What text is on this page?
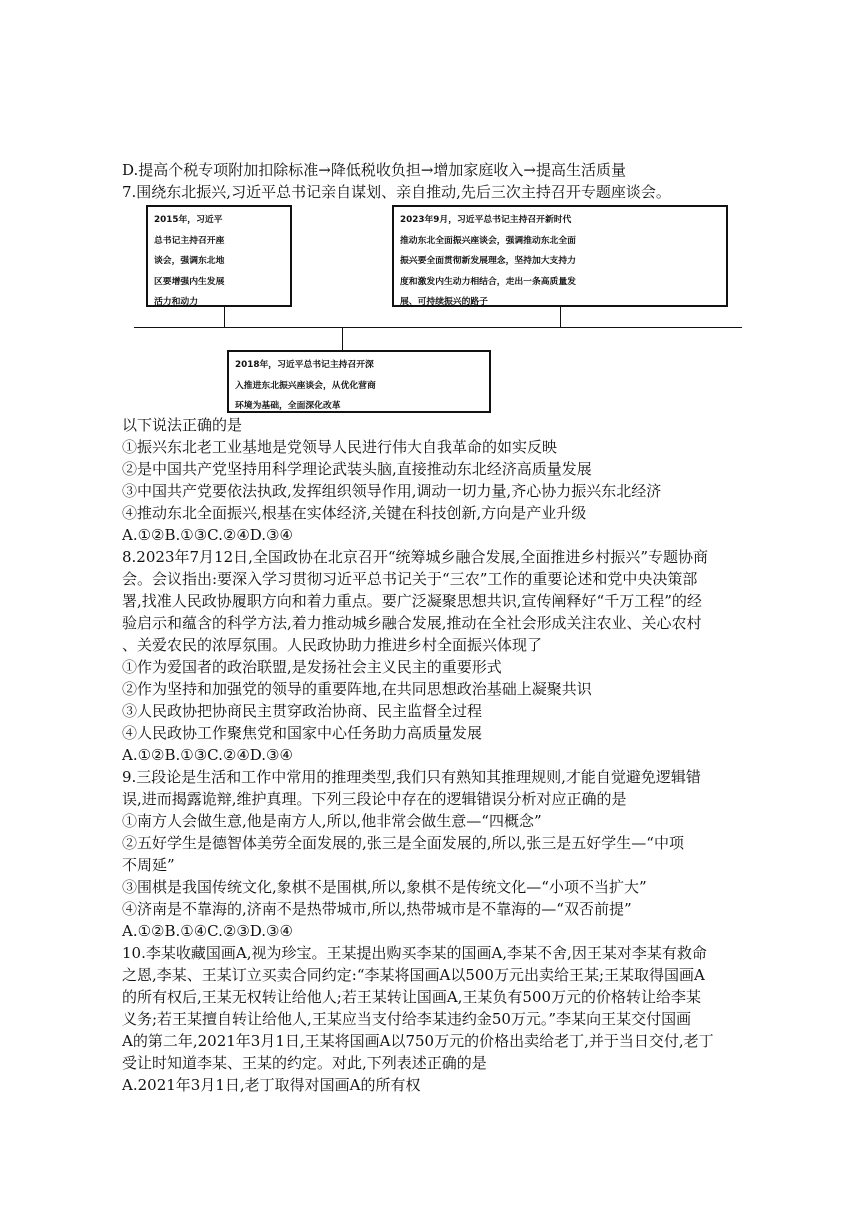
D.提高个税专项附加扣除标准→降低税收负担→增加家庭收入→提高生活质量
7.围绕东北振兴,习近平总书记亲自谋划、亲自推动,先后三次主持召开专题座谈会。
2015年，习近平
总书记主持召开座
谈会，强调东北地
区要增强内生发展
活力和动力
2023年9月，习近平总书记主持召开新时代
推动东北全面振兴座谈会，强调推动东北全面
振兴要全面贯彻新发展理念，坚持加大支持力
度和激发内生动力相结合，走出一条高质量发
展、可持续振兴的路子
2018年，习近平总书记主持召开深
入推进东北振兴座谈会，从优化营商
环境为基础，全面深化改革
以下说法正确的是
①振兴东北老工业基地是党领导人民进行伟大自我革命的如实反映
②是中国共产党坚持用科学理论武装头脑,直接推动东北经济高质量发展
③中国共产党要依法执政,发挥组织领导作用,调动一切力量,齐心协力振兴东北经济
④推动东北全面振兴,根基在实体经济,关键在科技创新,方向是产业升级
A.①②B.①③C.②④D.③④
8.2023年7月12日,全国政协在北京召开“统筹城乡融合发展,全面推进乡村振兴”专题协商
会。会议指出:要深入学习贯彻习近平总书记关于“三农”工作的重要论述和党中央决策部
署,找准人民政协履职方向和着力重点。要广泛凝聚思想共识,宣传阐释好“千万工程”的经
验启示和蕴含的科学方法,着力推动城乡融合发展,推动在全社会形成关注农业、关心农村
、关爱农民的浓厚氛围。人民政协助力推进乡村全面振兴体现了
①作为爱国者的政治联盟,是发扬社会主义民主的重要形式
②作为坚持和加强党的领导的重要阵地,在共同思想政治基础上凝聚共识
③人民政协把协商民主贯穿政治协商、民主监督全过程
④人民政协工作聚焦党和国家中心任务助力高质量发展
A.①②B.①③C.②④D.③④
9.三段论是生活和工作中常用的推理类型,我们只有熟知其推理规则,才能自觉避免逻辑错
误,进而揭露诡辩,维护真理。下列三段论中存在的逻辑错误分析对应正确的是
①南方人会做生意,他是南方人,所以,他非常会做生意—“四概念”
②五好学生是德智体美劳全面发展的,张三是全面发展的,所以,张三是五好学生—“中项
不周延”
③围棋是我国传统文化,象棋不是围棋,所以,象棋不是传统文化—“小项不当扩大”
④济南是不靠海的,济南不是热带城市,所以,热带城市是不靠海的—“双否前提”
A.①②B.①④C.②③D.③④
10.李某收藏国画A,视为珍宝。王某提出购买李某的国画A,李某不舍,因王某对李某有救命
之恩,李某、王某订立买卖合同约定:“李某将国画A以500万元出卖给王某;王某取得国画A
的所有权后,王某无权转让给他人;若王某转让国画A,王某负有500万元的价格转让给李某
义务;若王某擅自转让给他人,王某应当支付给李某违约金50万元。”李某向王某交付国画
A的第二年,2021年3月1日,王某将国画A以750万元的价格出卖给老丁,并于当日交付,老丁
受让时知道李某、王某的约定。对此,下列表述正确的是
A.2021年3月1日,老丁取得对国画A的所有权
